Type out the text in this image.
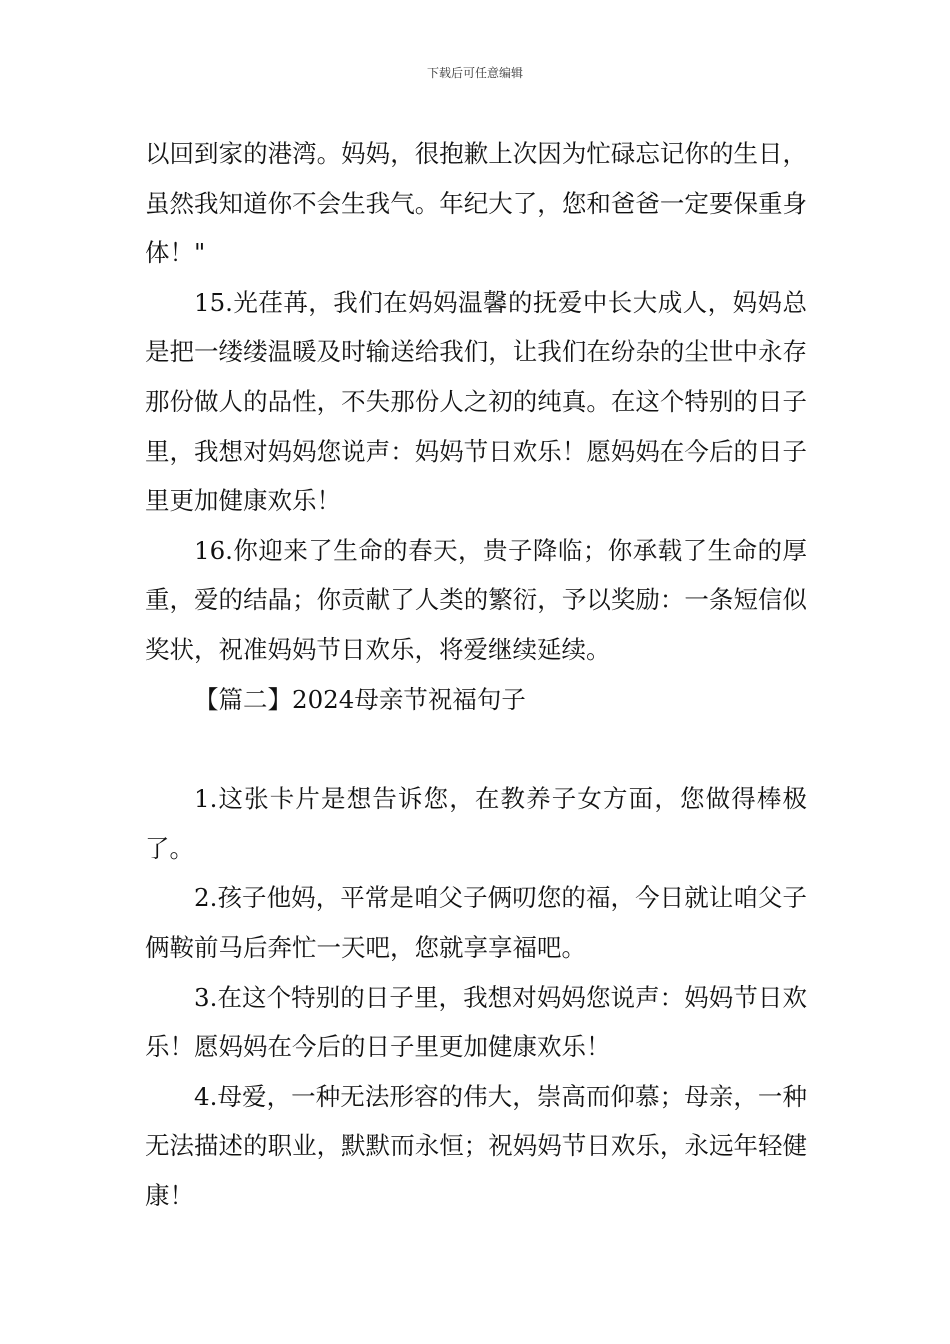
下载后可任意编辑

以回到家的港湾。妈妈，很抱歉上次因为忙碌忘记你的生日，虽然我知道你不会生我气。年纪大了，您和爸爸一定要保重身体！"

15.光荏苒，我们在妈妈温馨的抚爱中长大成人，妈妈总是把一缕缕温暖及时输送给我们，让我们在纷杂的尘世中永存那份做人的品性，不失那份人之初的纯真。在这个特别的日子里，我想对妈妈您说声：妈妈节日欢乐！愿妈妈在今后的日子里更加健康欢乐！

16.你迎来了生命的春天，贵子降临；你承载了生命的厚重，爱的结晶；你贡献了人类的繁衍，予以奖励：一条短信似奖状，祝准妈妈节日欢乐，将爱继续延续。

【篇二】2024母亲节祝福句子

1.这张卡片是想告诉您，在教养子女方面，您做得棒极了。

2.孩子他妈，平常是咱父子俩叨您的福，今日就让咱父子俩鞍前马后奔忙一天吧，您就享享福吧。

3.在这个特别的日子里，我想对妈妈您说声：妈妈节日欢乐！愿妈妈在今后的日子里更加健康欢乐！

4.母爱，一种无法形容的伟大，崇高而仰慕；母亲，一种无法描述的职业，默默而永恒；祝妈妈节日欢乐，永远年轻健康！
